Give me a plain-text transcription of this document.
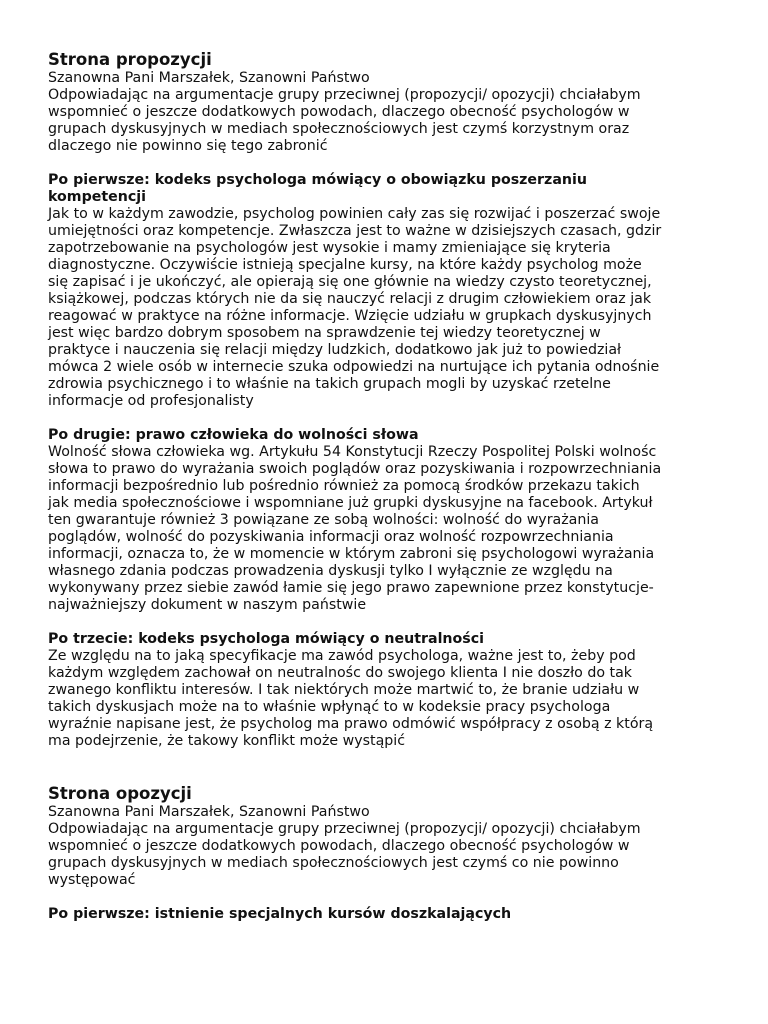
Strona propozycji

Szanowna Pani Marszałek, Szanowni Państwo

Odpowiadając na argumentacje grupy przeciwnej (propozycji/ opozycji) chciałabym
wspomnieć o jeszcze dodatkowych powodach, dlaczego obecność psychologów w
grupach dyskusyjnych w mediach społecznościowych jest czymś korzystnym oraz
dlaczego nie powinno się tego zabronić

Po pierwsze: kodeks psychologa mówiący o obowiązku poszerzaniu
kompetencji

Jak to w każdym zawodzie, psycholog powinien cały zas się rozwijać i poszerzać swoje
umiejętności oraz kompetencje. Zwłaszcza jest to ważne w dzisiejszych czasach, gdzir
zapotrzebowanie na psychologów jest wysokie i mamy zmieniające się kryteria
diagnostyczne. Oczywiście istnieją specjalne kursy, na które każdy psycholog może
się zapisać i je ukończyć, ale opierają się one głównie na wiedzy czysto teoretycznej,
książkowej, podczas których nie da się nauczyć relacji z drugim człowiekiem oraz jak
reagować w praktyce na różne informacje. Wzięcie udziału w grupkach dyskusyjnych
jest więc bardzo dobrym sposobem na sprawdzenie tej wiedzy teoretycznej w
praktyce i nauczenia się relacji między ludzkich, dodatkowo jak już to powiedział
mówca 2 wiele osób w internecie szuka odpowiedzi na nurtujące ich pytania odnośnie
zdrowia psychicznego i to właśnie na takich grupach mogli by uzyskać rzetelne
informacje od profesjonalisty

Po drugie: prawo człowieka do wolności słowa

Wolność słowa człowieka wg. Artykułu 54 Konstytucji Rzeczy Pospolitej Polski wolnośc
słowa to prawo do wyrażania swoich poglądów oraz pozyskiwania i rozpowrzechniania
informacji bezpośrednio lub pośrednio również za pomocą środków przekazu takich
jak media społecznościowe i wspomniane już grupki dyskusyjne na facebook. Artykuł
ten gwarantuje również 3 powiązane ze sobą wolności: wolność do wyrażania
poglądów, wolność do pozyskiwania informacji oraz wolność rozpowrzechniania
informacji, oznacza to, że w momencie w którym zabroni się psychologowi wyrażania
własnego zdania podczas prowadzenia dyskusji tylko I wyłącznie ze względu na
wykonywany przez siebie zawód łamie się jego prawo zapewnione przez konstytucje-
najważniejszy dokument w naszym państwie

Po trzecie: kodeks psychologa mówiący o neutralności

Ze względu na to jaką specyfikacje ma zawód psychologa, ważne jest to, żeby pod
każdym względem zachował on neutralnośc do swojego klienta I nie doszło do tak
zwanego konfliktu interesów. I tak niektórych może martwić to, że branie udziału w
takich dyskusjach może na to właśnie wpłynąć to w kodeksie pracy psychologa
wyraźnie napisane jest, że psycholog ma prawo odmówić współpracy z osobą z którą
ma podejrzenie, że takowy konflikt może wystąpić

Strona opozycji

Szanowna Pani Marszałek, Szanowni Państwo

Odpowiadając na argumentacje grupy przeciwnej (propozycji/ opozycji) chciałabym
wspomnieć o jeszcze dodatkowych powodach, dlaczego obecność psychologów w
grupach dyskusyjnych w mediach społecznościowych jest czymś co nie powinno
występować

Po pierwsze: istnienie specjalnych kursów doszkalających
